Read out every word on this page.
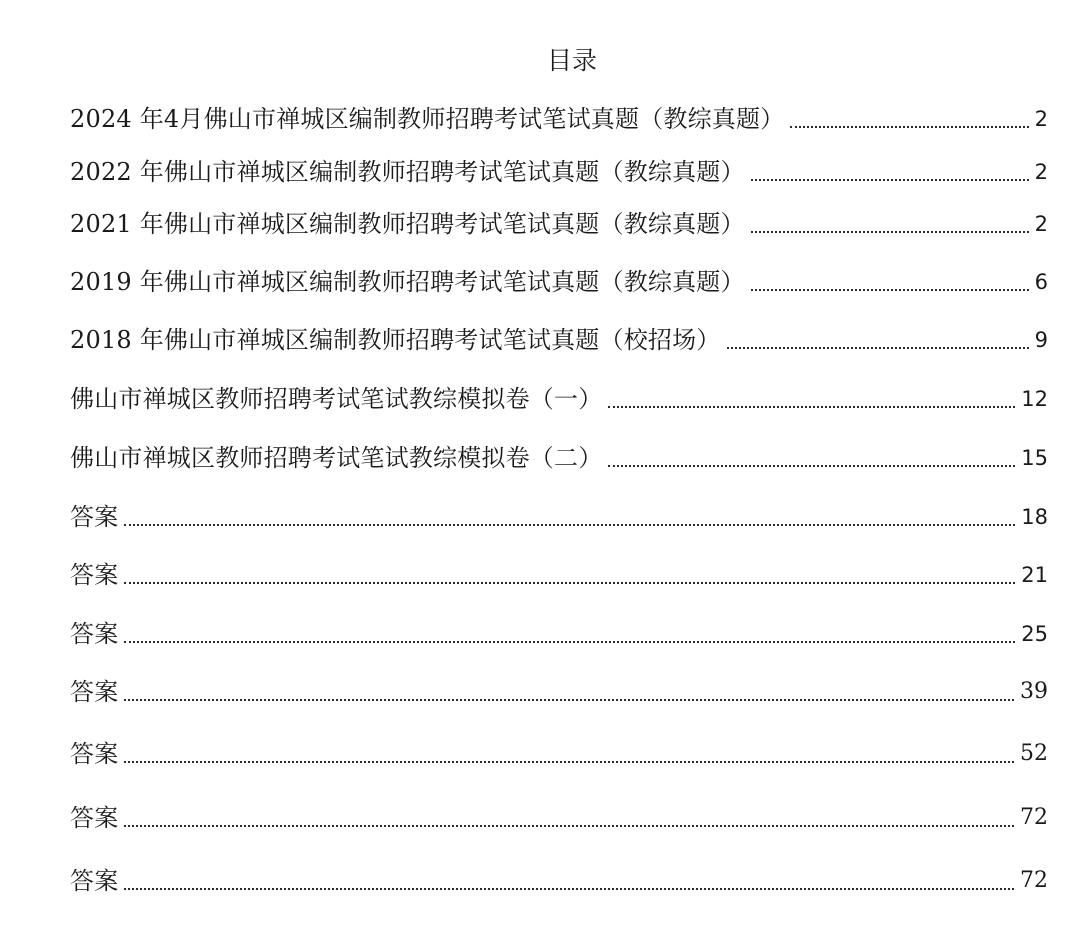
目录
2024 年4月佛山市禅城区编制教师招聘考试笔试真题（教综真题）	2
2022 年佛山市禅城区编制教师招聘考试笔试真题（教综真题）	2
2021 年佛山市禅城区编制教师招聘考试笔试真题（教综真题）	2
2019 年佛山市禅城区编制教师招聘考试笔试真题（教综真题）	6
2018 年佛山市禅城区编制教师招聘考试笔试真题（校招场）	9
佛山市禅城区教师招聘考试笔试教综模拟卷（一）	12
佛山市禅城区教师招聘考试笔试教综模拟卷（二）	15
答案	18
答案	21
答案	25
答案	39
答案	52
答案	72
答案	72
